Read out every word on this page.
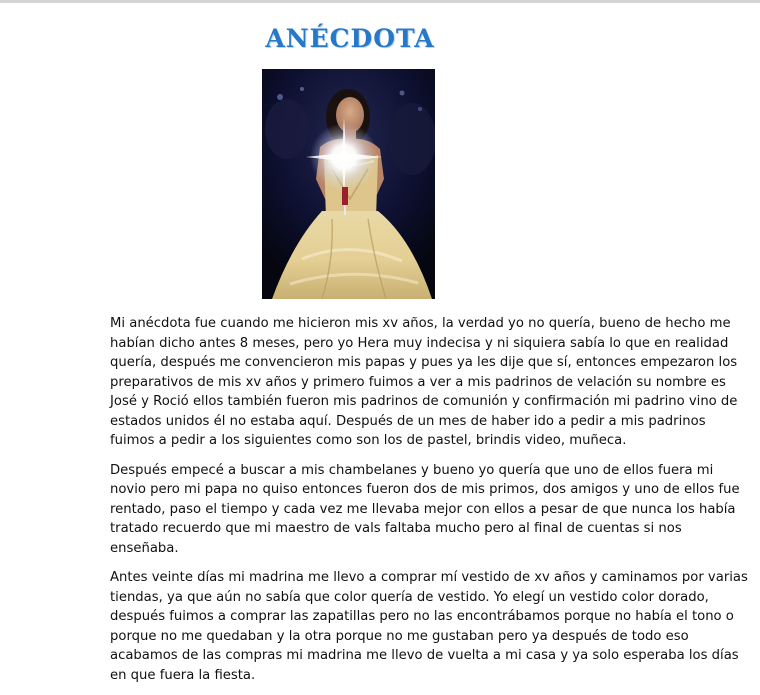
ANÉCDOTA

Mi anécdota fue cuando me hicieron mis xv años, la verdad yo no quería, bueno de hecho me
habían dicho antes 8 meses, pero yo Hera muy indecisa y ni siquiera sabía lo que en realidad
quería, después me convencieron mis papas y pues ya les dije que sí, entonces empezaron los
preparativos de mis xv años y primero fuimos a ver a mis padrinos de velación su nombre es
José y Roció ellos también fueron mis padrinos de comunión y confirmación mi padrino vino de
estados unidos él no estaba aquí. Después de un mes de haber ido a pedir a mis padrinos
fuimos a pedir a los siguientes como son los de pastel, brindis video, muñeca.

Después empecé a buscar a mis chambelanes y bueno yo quería que uno de ellos fuera mi
novio pero mi papa no quiso entonces fueron dos de mis primos, dos amigos y uno de ellos fue
rentado, paso el tiempo y cada vez me llevaba mejor con ellos a pesar de que nunca los había
tratado recuerdo que mi maestro de vals faltaba mucho pero al final de cuentas si nos
enseñaba.

Antes veinte días mi madrina me llevo a comprar mí vestido de xv años y caminamos por varias
tiendas, ya que aún no sabía que color quería de vestido. Yo elegí un vestido color dorado,
después fuimos a comprar las zapatillas pero no las encontrábamos porque no había el tono o
porque no me quedaban y la otra porque no me gustaban pero ya después de todo eso
acabamos de las compras mi madrina me llevo de vuelta a mi casa y ya solo esperaba los días
en que fuera la fiesta.
